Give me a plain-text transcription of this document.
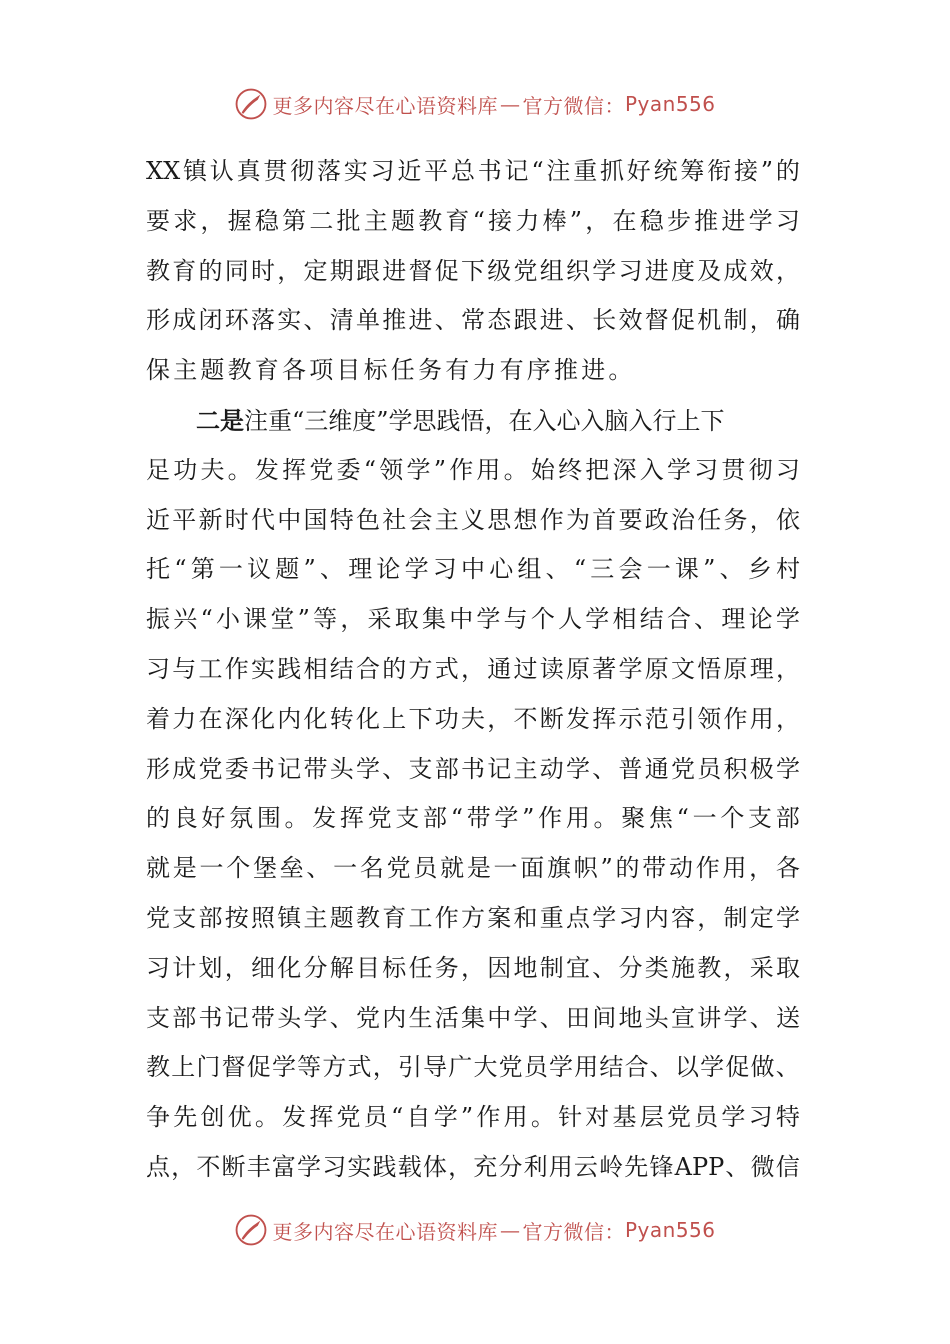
更多内容尽在心语资料库 — 官方微信： Pyan556
XX 镇 认 真 贯 彻 落 实 习 近 平 总 书 记 “ 注 重 抓 好 统 筹 衔 接 ” 的
要 求 ， 握 稳 第 二 批 主 题 教 育 “ 接 力 棒 ” ， 在 稳 步 推 进 学 习
教 育 的 同 时 ， 定 期 跟 进 督 促 下 级 党 组 织 学 习 进 度 及 成 效 ，
形 成 闭 环 落 实 、 清 单 推 进 、 常 态 跟 进 、 长 效 督 促 机 制 ， 确
保主题教育各项目标任务有力有序推进。
二是注重“三维度”学思践悟，在入心入脑入行上下
足 功 夫 。 发 挥 党 委 “ 领 学 ” 作 用 。 始 终 把 深 入 学 习 贯 彻 习
近 平 新 时 代 中 国 特 色 社 会 主 义 思 想 作 为 首 要 政 治 任 务 ， 依
托 “ 第 一 议 题 ” 、 理 论 学 习 中 心 组 、 “ 三 会 一 课 ” 、 乡 村
振 兴 “ 小 课 堂 ” 等 ， 采 取 集 中 学 与 个 人 学 相 结 合 、 理 论 学
习 与 工 作 实 践 相 结 合 的 方 式 ， 通 过 读 原 著 学 原 文 悟 原 理 ，
着 力 在 深 化 内 化 转 化 上 下 功 夫 ， 不 断 发 挥 示 范 引 领 作 用 ，
形 成 党 委 书 记 带 头 学 、 支 部 书 记 主 动 学 、 普 通 党 员 积 极 学
的 良 好 氛 围 。 发 挥 党 支 部 “ 带 学 ” 作 用 。 聚 焦 “ 一 个 支 部
就 是 一 个 堡 垒 、 一 名 党 员 就 是 一 面 旗 帜 ” 的 带 动 作 用 ， 各
党 支 部 按 照 镇 主 题 教 育 工 作 方 案 和 重 点 学 习 内 容 ， 制 定 学
习 计 划 ， 细 化 分 解 目 标 任 务 ， 因 地 制 宜 、 分 类 施 教 ， 采 取
支 部 书 记 带 头 学 、 党 内 生 活 集 中 学 、 田 间 地 头 宣 讲 学 、 送
教 上 门 督 促 学 等 方 式 ， 引 导 广 大 党 员 学 用 结 合 、 以 学 促 做 、
争 先 创 优 。 发 挥 党 员 “ 自 学 ” 作 用 。 针 对 基 层 党 员 学 习 特
点 ， 不 断 丰 富 学 习 实 践 载 体 ， 充 分 利 用 云 岭 先 锋 APP 、 微 信
更多内容尽在心语资料库 — 官方微信： Pyan556
